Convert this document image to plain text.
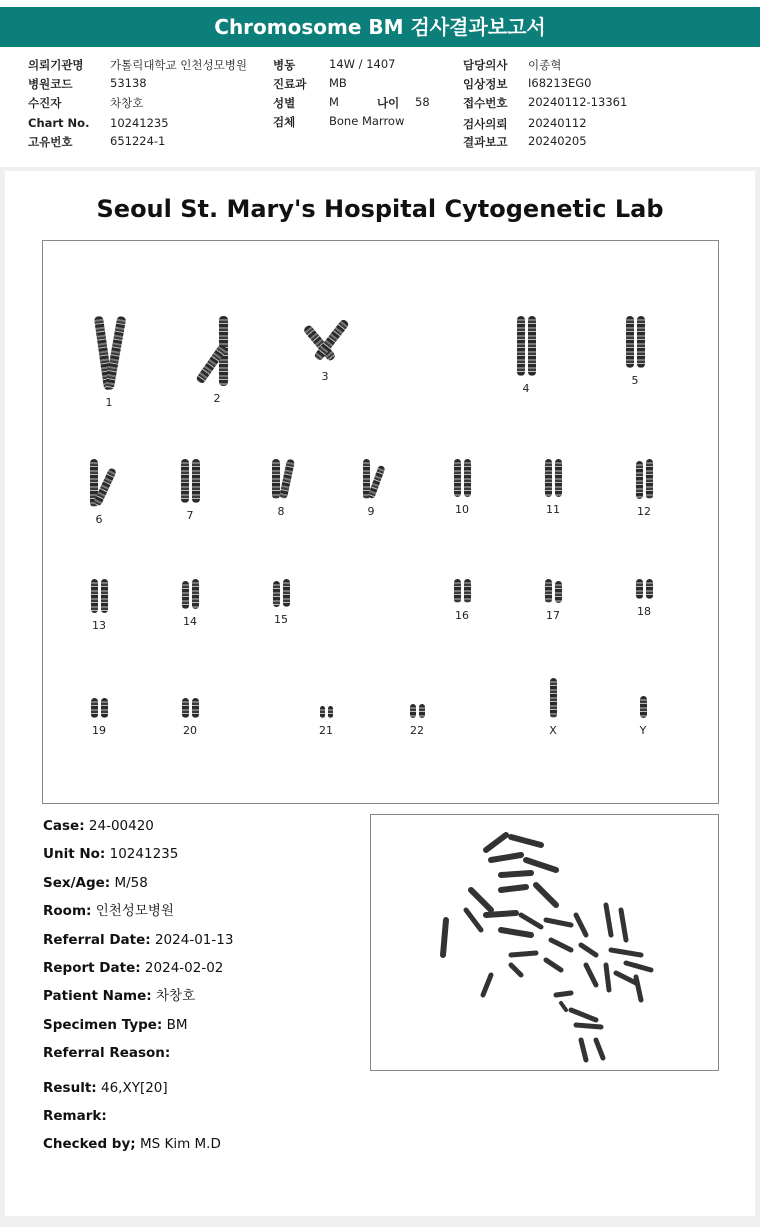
Chromosome BM 검사결과보고서
의뢰기관명 가톨릭대학교 인천성모병원
병원코드	53138
수진자	차창호
Chart No. 10241235
고유번호	651224-1
병동	14W / 1407
진료과 MB
성별	M	나이 58
검체	Bone Marrow
담당의사 이종혁
임상정보 I68213EG0
접수번호 20240112-13361
검사의뢰 20240112
결과보고 20240205
Seoul St. Mary's Hospital Cytogenetic Lab
1	2
3
4
5
6	7	8	9	10	11	12
13	14	15	16	17	18
19	20	21	22	X	Y
Case: 24-00420
Unit No: 10241235
Sex/Age: M/58
Room: 인천성모병원
Referral Date: 2024-01-13
Report Date: 2024-02-02
Patient Name: 차창호
Specimen Type: BM
Referral Reason:
Result: 46,XY[20]
Remark:
Checked by; MS Kim M.D
